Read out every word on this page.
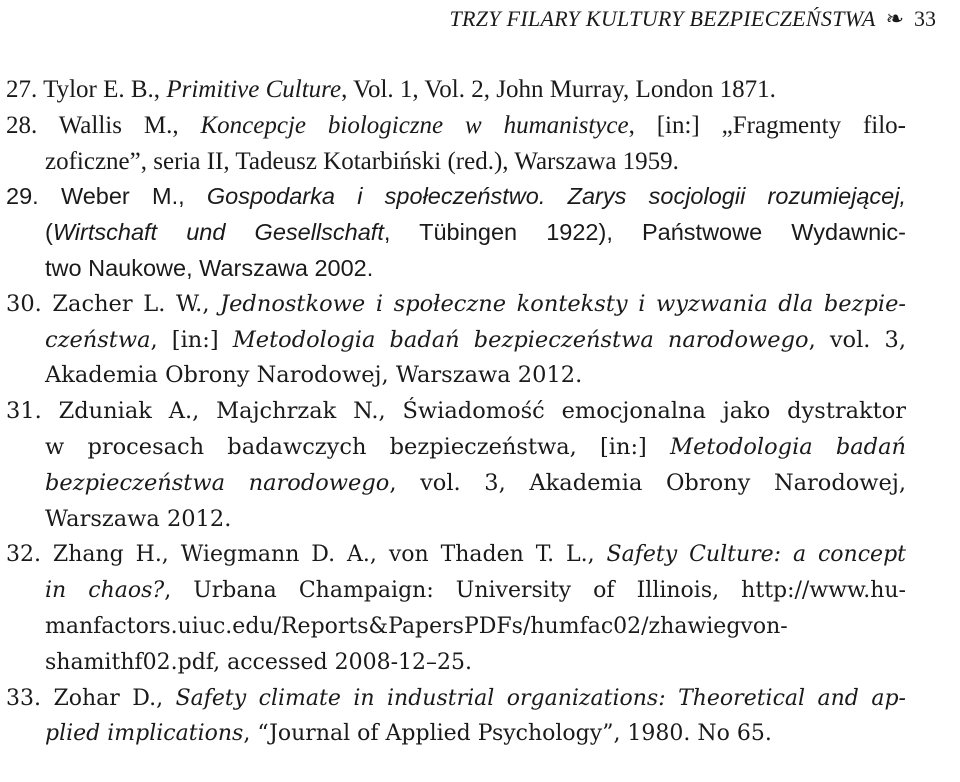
TRZY FILARY KULTURY BEZPIECZEŃSTWA ❧ 33
27. Tylor E. B., Primitive Culture, Vol. 1, Vol. 2, John Murray, London 1871.
28. Wallis M., Koncepcje biologiczne w humanistyce, [in:] „Fragmenty filo-
zoficzne”, seria II, Tadeusz Kotarbiński (red.), Warszawa 1959.
29. Weber M., Gospodarka i społeczeństwo. Zarys socjologii rozumiejącej,
(Wirtschaft und Gesellschaft, Tübingen 1922), Państwowe Wydawnic-
two Naukowe, Warszawa 2002.
30. Zacher L. W., Jednostkowe i społeczne konteksty i wyzwania dla bezpie-
czeństwa, [in:] Metodologia badań bezpieczeństwa narodowego, vol. 3,
Akademia Obrony Narodowej, Warszawa 2012.
31. Zduniak A., Majchrzak N., Świadomość emocjonalna jako dystraktor
w procesach badawczych bezpieczeństwa, [in:] Metodologia badań
bezpieczeństwa narodowego, vol. 3, Akademia Obrony Narodowej,
Warszawa 2012.
32. Zhang H., Wiegmann D. A., von Thaden T. L., Safety Culture: a concept
in chaos?, Urbana Champaign: University of Illinois, http://www.hu-
manfactors.uiuc.edu/Reports&PapersPDFs/humfac02/zhawiegvon-
shamithf02.pdf, accessed 2008-12–25.
33. Zohar D., Safety climate in industrial organizations: Theoretical and ap-
plied implications, “Journal of Applied Psychology”, 1980. No 65.
